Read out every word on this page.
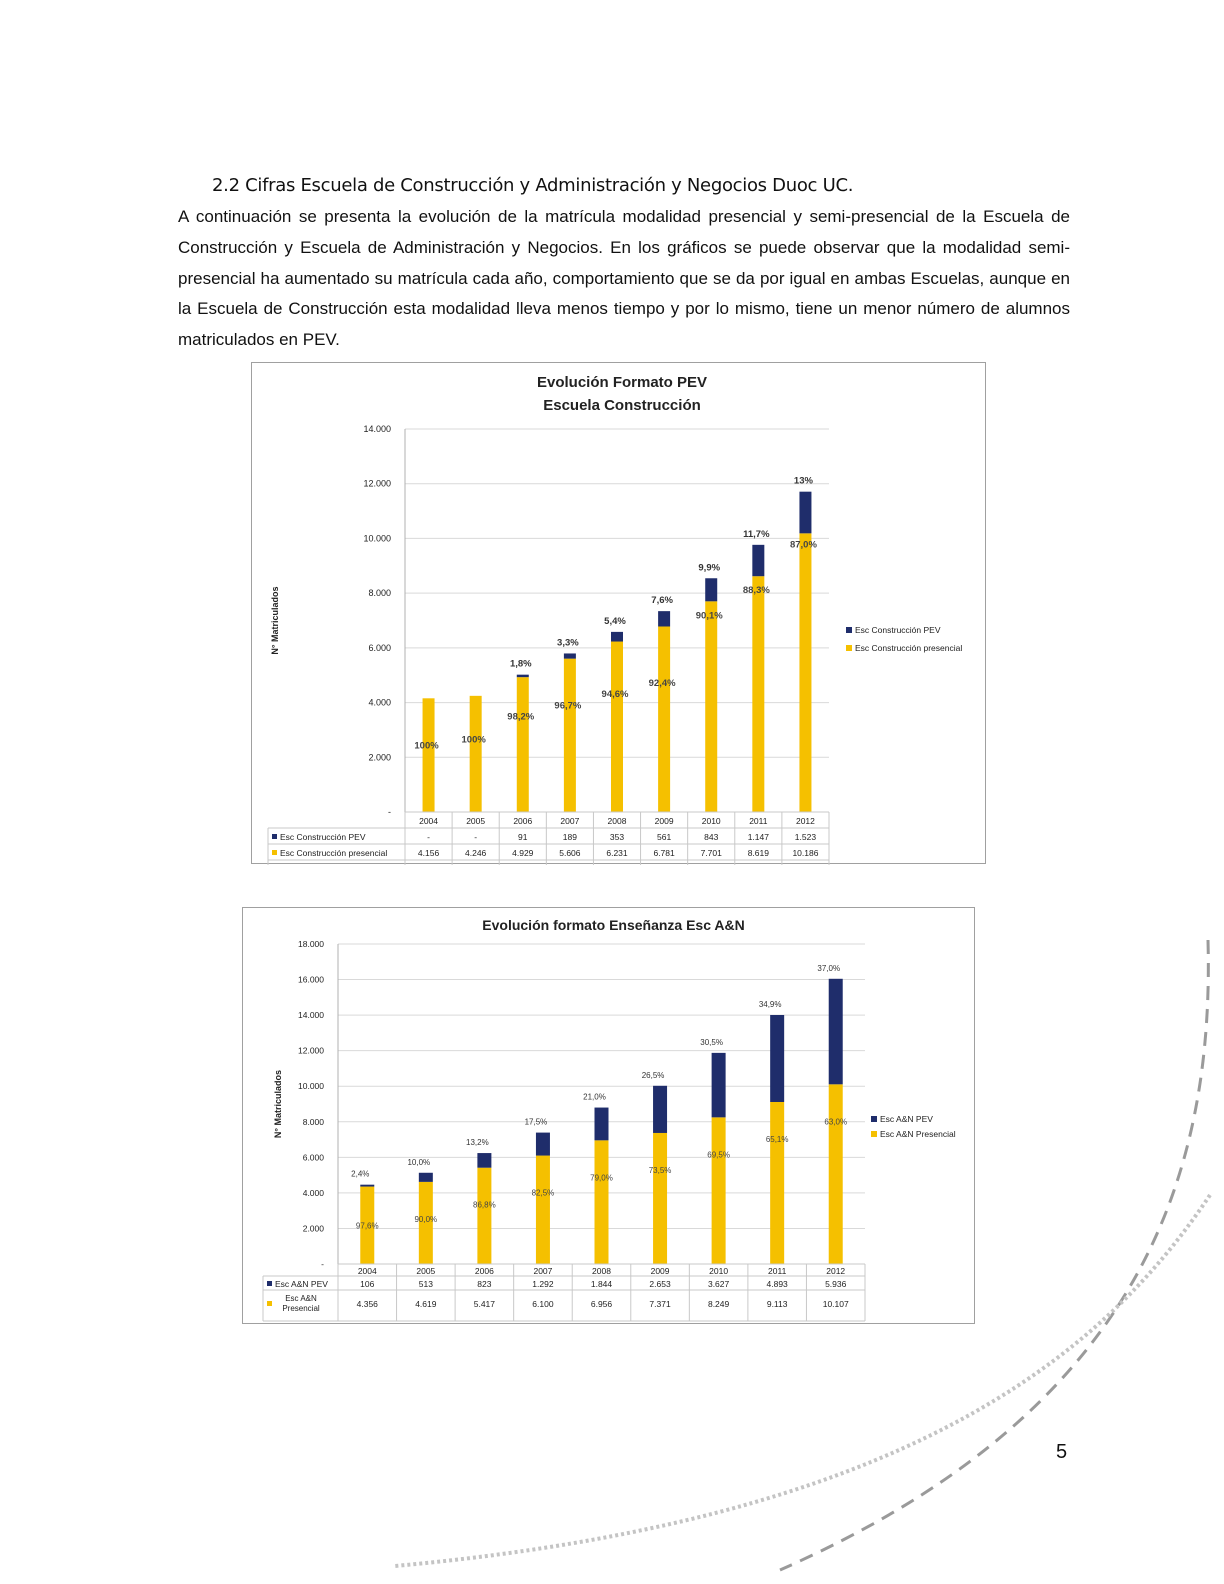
2.2 Cifras Escuela de Construcción y Administración y Negocios Duoc UC.
A continuación se presenta la evolución de la matrícula modalidad presencial y semi-presencial de la Escuela de Construcción y Escuela de Administración y Negocios. En los gráficos se puede observar que la modalidad semi-presencial ha aumentado su matrícula cada año, comportamiento que se da por igual en ambas Escuelas, aunque en la Escuela de Construcción esta modalidad lleva menos tiempo y por lo mismo, tiene un menor número de alumnos matriculados en PEV.
Evolución Formato PEV
Escuela Construcción
-
2.000
4.000
6.000
8.000
10.000
12.000
14.000
N° Matriculados
100%
100%
1,8%
98,2%
3,3%
96,7%
5,4%
94,6%
7,6%
92,4%
9,9%
90,1%
11,7%
88,3%
13%
87,0%
Esc Construcción PEV
Esc Construcción presencial
2004	2005	2006	2007	2008	2009	2010	2011	2012
Esc Construcción PEV	-	-	91	189	353	561	843	1.147	1.523
Esc Construcción presencial	4.156	4.246	4.929	5.606	6.231	6.781	7.701	8.619	10.186
Evolución formato Enseñanza Esc A&N
-
2.000
4.000
6.000
8.000
10.000
12.000
14.000
16.000
18.000
N° Matriculados
2,4%
97,6%
10,0%
90,0%
13,2%
86,8%
17,5%
82,5%
21,0%
79,0%
26,5%
73,5%
30,5%
69,5%
34,9%
65,1%
37,0%
63,0%	Esc A&N PEV
Esc A&N Presencial
2004	2005	2006	2007	2008	2009	2010	2011	2012
Esc A&N PEV	106	513	823	1.292	1.844	2.653	3.627	4.893	5.936
Esc A&N
Presencial	4.356	4.619	5.417	6.100	6.956	7.371	8.249	9.113	10.107
5
